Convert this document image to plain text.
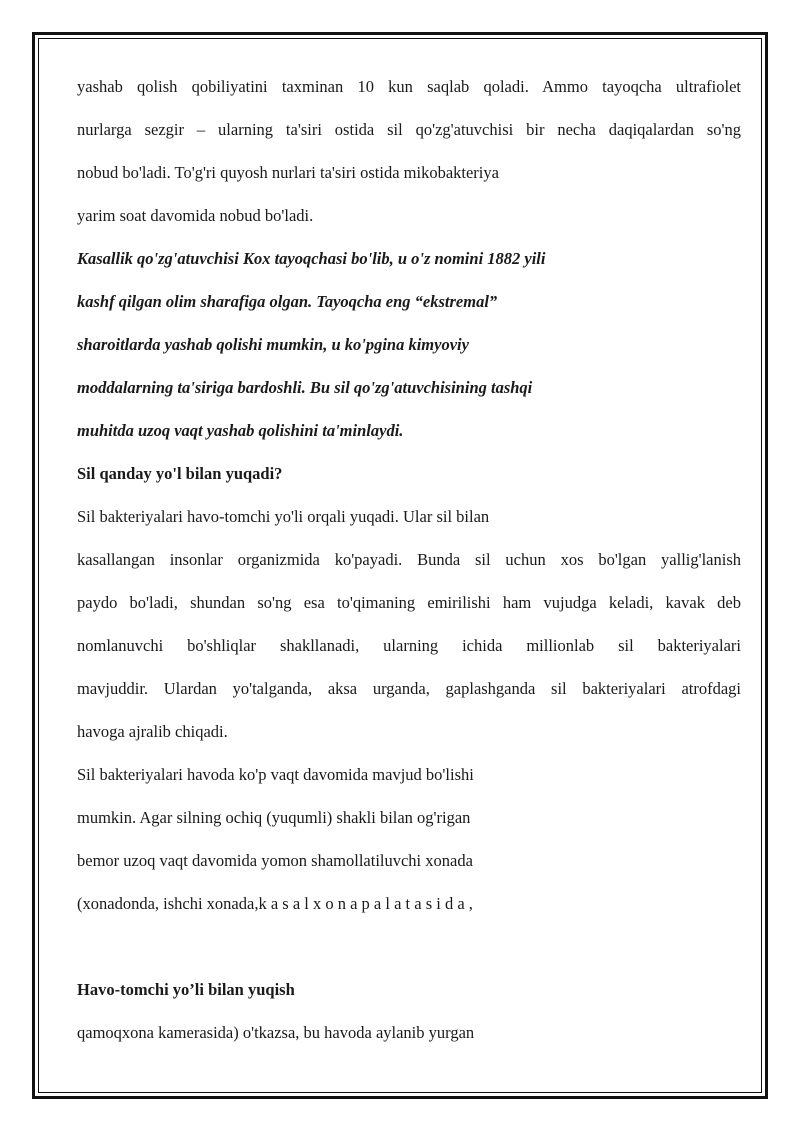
yashab qolish qobiliyatini taxminan 10 kun saqlab qoladi. Ammo tayoqcha ultrafiolet
nurlarga sezgir – ularning ta'siri ostida sil qo'zg'atuvchisi bir necha daqiqalardan so'ng
nobud bo'ladi. To'g'ri quyosh nurlari ta'siri ostida mikobakteriya
yarim soat davomida nobud bo'ladi.
Kasallik qo'zg'atuvchisi Kox tayoqchasi bo'lib, u o'z nomini 1882 yili
kashf qilgan olim sharafiga olgan. Tayoqcha eng “ekstremal”
sharoitlarda yashab qolishi mumkin, u ko'pgina kimyoviy
moddalarning ta'siriga bardoshli. Bu sil qo'zg'atuvchisining tashqi
muhitda uzoq vaqt yashab qolishini ta'minlaydi.
Sil qanday yo'l bilan yuqadi?
Sil bakteriyalari havo-tomchi yo'li orqali yuqadi. Ular sil bilan
kasallangan insonlar organizmida ko'payadi. Bunda sil uchun xos bo'lgan yallig'lanish
paydo bo'ladi, shundan so'ng esa to'qimaning emirilishi ham vujudga keladi, kavak deb
nomlanuvchi bo'shliqlar shakllanadi, ularning ichida millionlab sil bakteriyalari
mavjuddir. Ulardan yo'talganda, aksa urganda, gaplashganda sil bakteriyalari atrofdagi
havoga ajralib chiqadi.
Sil bakteriyalari havoda ko'p vaqt davomida mavjud bo'lishi
mumkin. Agar silning ochiq (yuqumli) shakli bilan og'rigan
bemor uzoq vaqt davomida yomon shamollatiluvchi xonada
(xonadonda, ishchi xonada,k a s a l x o n a p a l a t a s i d a ,
Havo-tomchi yo’li bilan yuqish
qamoqxona kamerasida) o'tkazsa, bu havoda aylanib yurgan
